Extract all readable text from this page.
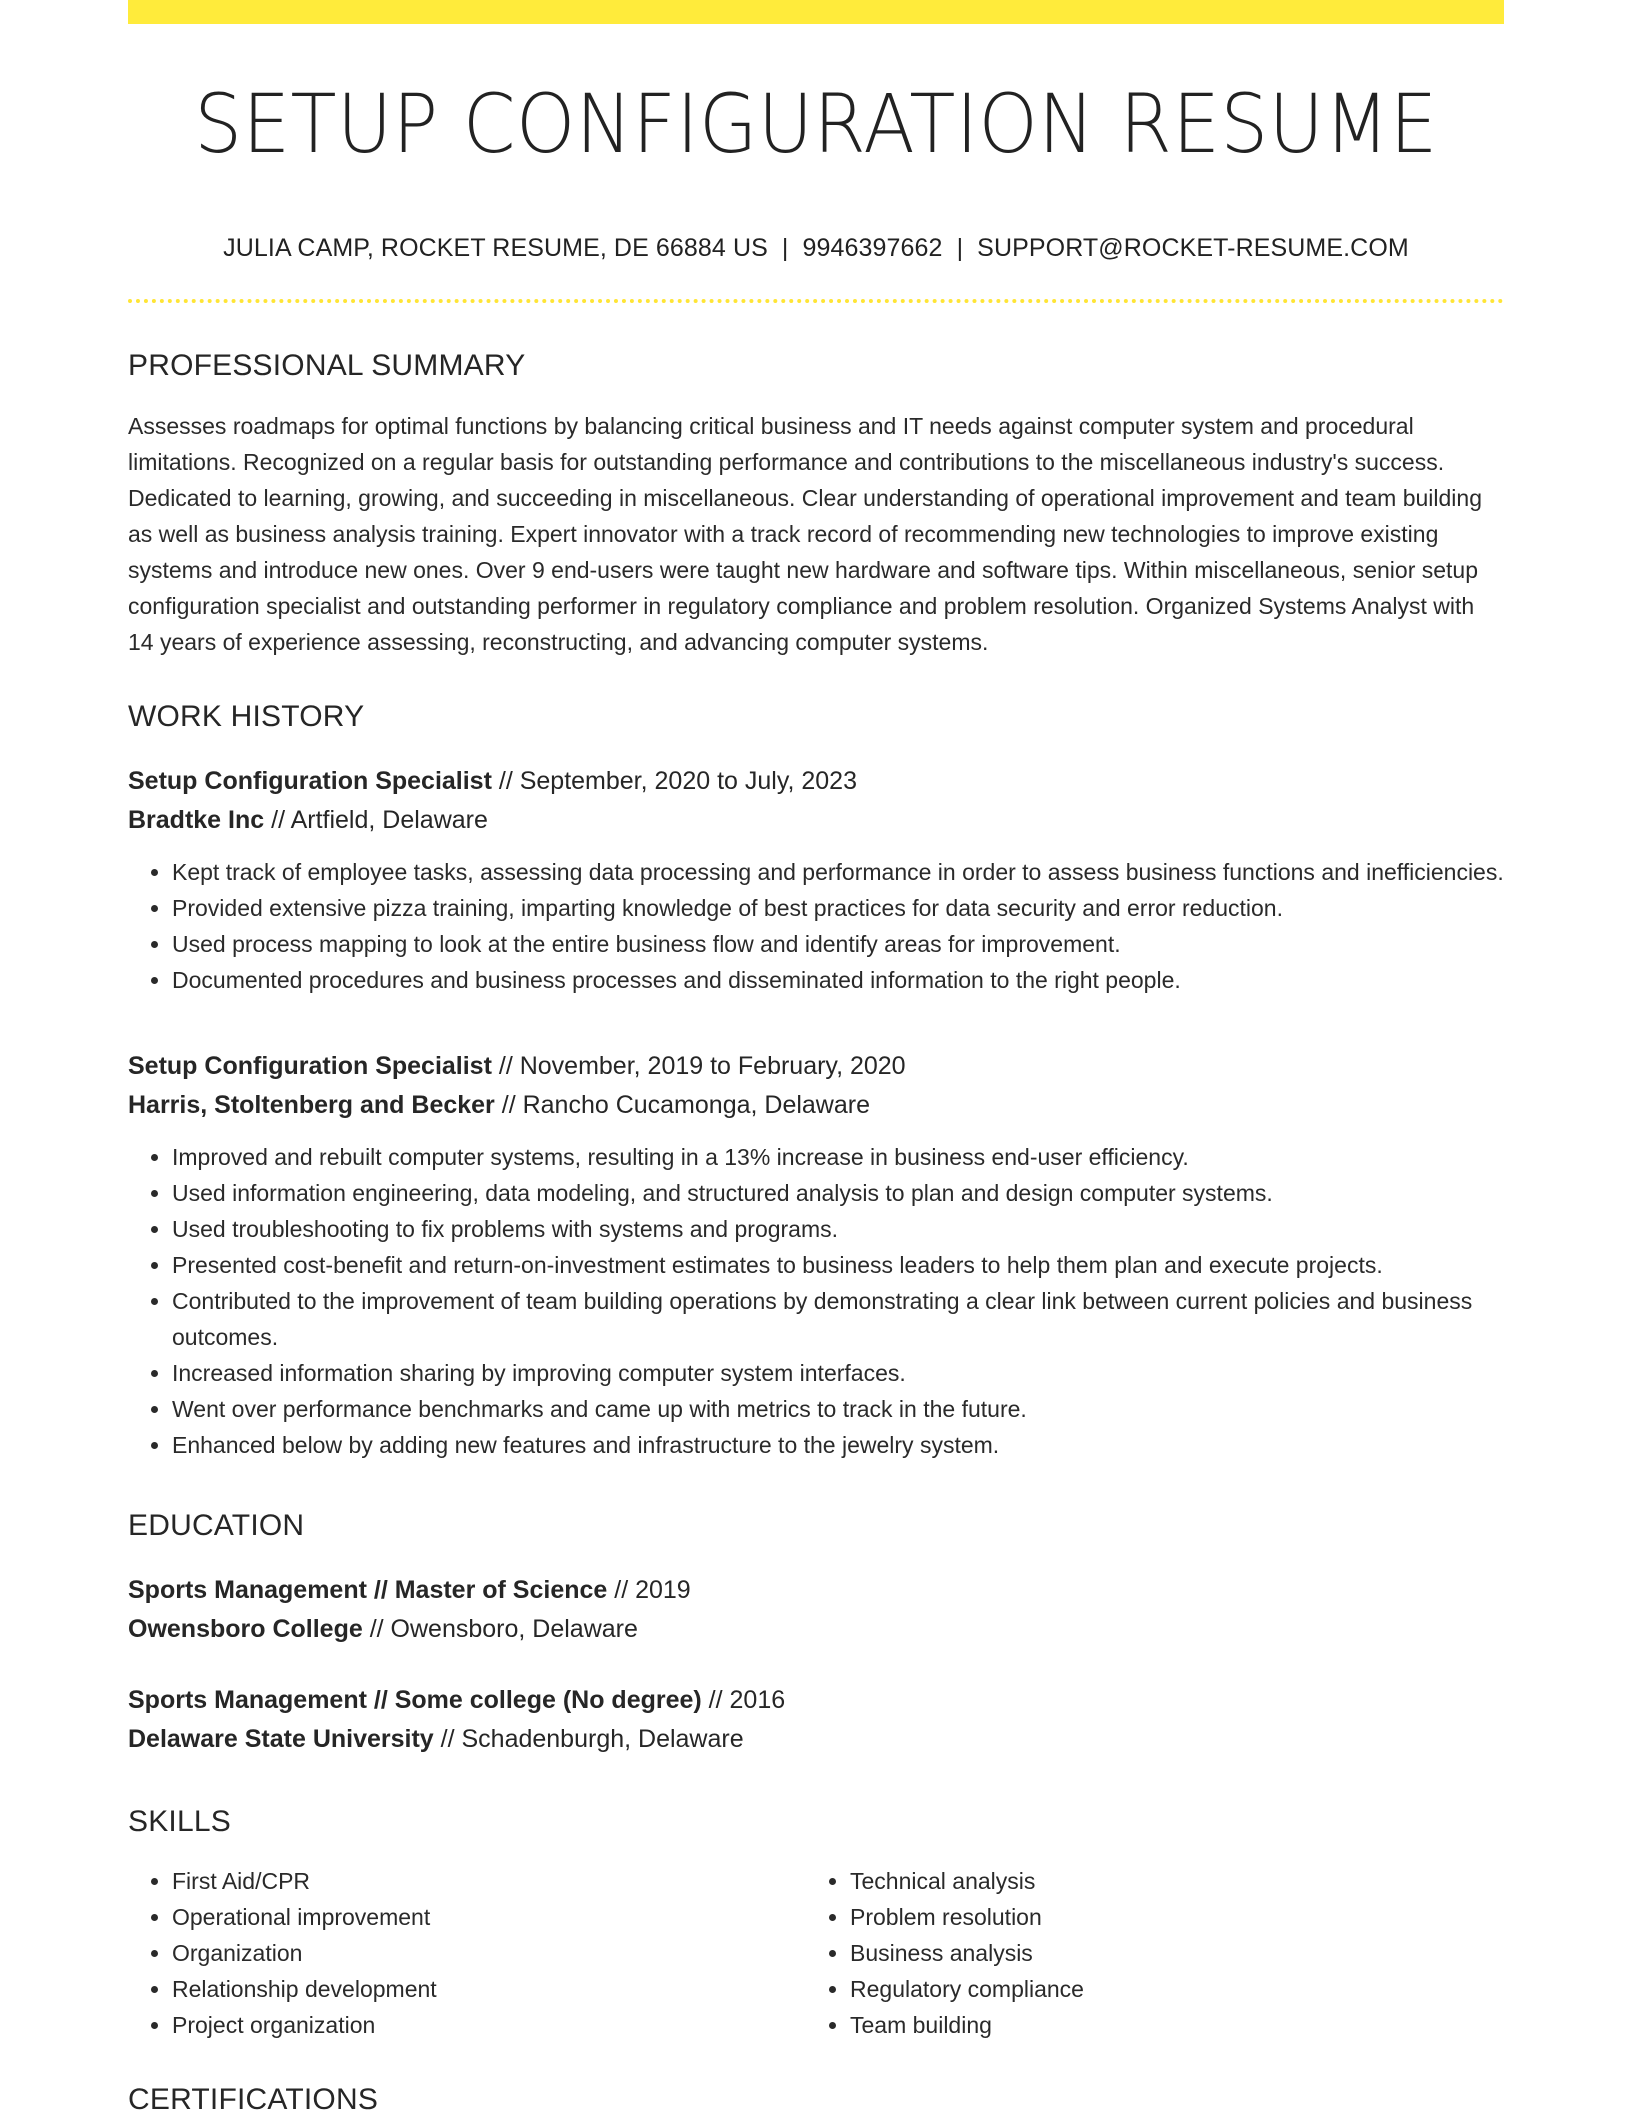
SETUP CONFIGURATION RESUME
JULIA CAMP, ROCKET RESUME, DE 66884 US | 9946397662 | SUPPORT@ROCKET-RESUME.COM
PROFESSIONAL SUMMARY

Assesses roadmaps for optimal functions by balancing critical business and IT needs against computer system and procedural limitations. Recognized on a regular basis for outstanding performance and contributions to the miscellaneous industry's success. Dedicated to learning, growing, and succeeding in miscellaneous. Clear understanding of operational improvement and team building as well as business analysis training. Expert innovator with a track record of recommending new technologies to improve existing systems and introduce new ones. Over 9 end-users were taught new hardware and software tips. Within miscellaneous, senior setup configuration specialist and outstanding performer in regulatory compliance and problem resolution. Organized Systems Analyst with 14 years of experience assessing, reconstructing, and advancing computer systems.

WORK HISTORY
Setup Configuration Specialist // September, 2020 to July, 2023
Bradtke Inc // Artfield, Delaware
• Kept track of employee tasks, assessing data processing and performance in order to assess business functions and inefficiencies.
• Provided extensive pizza training, imparting knowledge of best practices for data security and error reduction.
• Used process mapping to look at the entire business flow and identify areas for improvement.
• Documented procedures and business processes and disseminated information to the right people.
Setup Configuration Specialist // November, 2019 to February, 2020
Harris, Stoltenberg and Becker // Rancho Cucamonga, Delaware
• Improved and rebuilt computer systems, resulting in a 13% increase in business end-user efficiency.
• Used information engineering, data modeling, and structured analysis to plan and design computer systems.
• Used troubleshooting to fix problems with systems and programs.
• Presented cost-benefit and return-on-investment estimates to business leaders to help them plan and execute projects.
• Contributed to the improvement of team building operations by demonstrating a clear link between current policies and business outcomes.
• Increased information sharing by improving computer system interfaces.
• Went over performance benchmarks and came up with metrics to track in the future.
• Enhanced below by adding new features and infrastructure to the jewelry system.
EDUCATION
Sports Management // Master of Science // 2019
Owensboro College // Owensboro, Delaware
Sports Management // Some college (No degree) // 2016
Delaware State University // Schadenburgh, Delaware
SKILLS
• First Aid/CPR
• Operational improvement
• Organization
• Relationship development
• Project organization
• Technical analysis
• Problem resolution
• Business analysis
• Regulatory compliance
• Team building
CERTIFICATIONS
